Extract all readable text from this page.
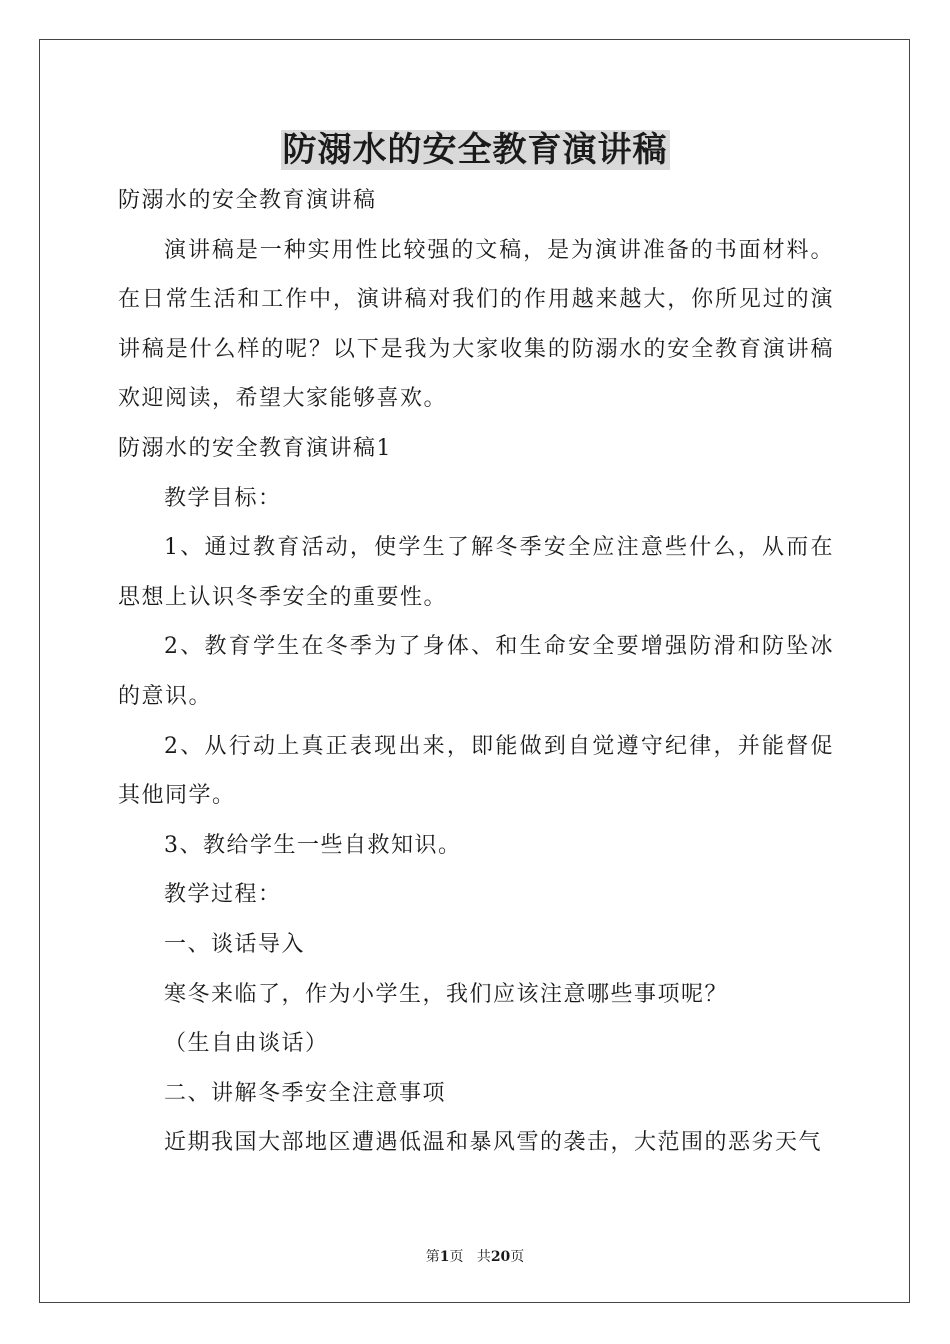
防溺水的安全教育演讲稿

防溺水的安全教育演讲稿

演讲稿是一种实用性比较强的文稿，是为演讲准备的书面材料。在日常生活和工作中，演讲稿对我们的作用越来越大，你所见过的演讲稿是什么样的呢？以下是我为大家收集的防溺水的安全教育演讲稿欢迎阅读，希望大家能够喜欢。

防溺水的安全教育演讲稿1

教学目标：

1、通过教育活动，使学生了解冬季安全应注意些什么，从而在思想上认识冬季安全的重要性。

2、教育学生在冬季为了身体、和生命安全要增强防滑和防坠冰的意识。

2、从行动上真正表现出来，即能做到自觉遵守纪律，并能督促其他同学。

3、教给学生一些自救知识。

教学过程：

一、谈话导入

寒冬来临了，作为小学生，我们应该注意哪些事项呢？

（生自由谈话）

二、讲解冬季安全注意事项

近期我国大部地区遭遇低温和暴风雪的袭击，大范围的恶劣天气

第1页 共20页
